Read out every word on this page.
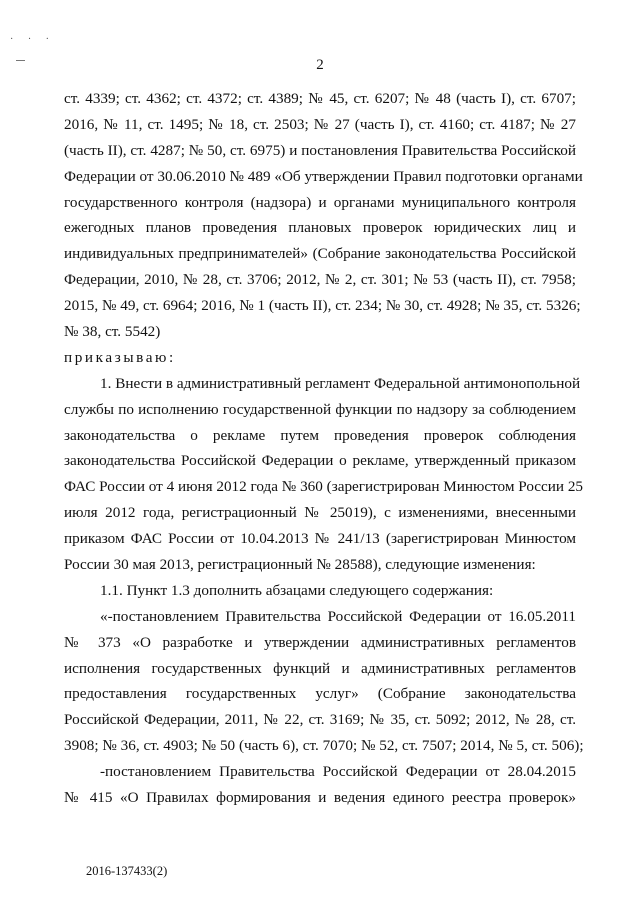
· · ·
2
ст. 4339; ст. 4362; ст. 4372; ст. 4389; № 45, ст. 6207; № 48 (часть I), ст. 6707;
2016, № 11, ст. 1495; № 18, ст. 2503; № 27 (часть I), ст. 4160; ст. 4187; № 27
(часть II), ст. 4287; № 50, ст. 6975) и постановления Правительства Российской
Федерации от 30.06.2010 № 489 «Об утверждении Правил подготовки органами
государственного контроля (надзора) и органами муниципального контроля
ежегодных планов проведения плановых проверок юридических лиц и
индивидуальных предпринимателей» (Собрание законодательства Российской
Федерации, 2010, № 28, ст. 3706; 2012, № 2, ст. 301; № 53 (часть II), ст. 7958;
2015, № 49, ст. 6964; 2016, № 1 (часть II), ст. 234; № 30, ст. 4928; № 35, ст. 5326;
№ 38, ст. 5542)
приказываю:
1. Внести в административный регламент Федеральной антимонопольной
службы по исполнению государственной функции по надзору за соблюдением
законодательства о рекламе путем проведения проверок соблюдения
законодательства Российской Федерации о рекламе, утвержденный приказом
ФАС России от 4 июня 2012 года № 360 (зарегистрирован Минюстом России 25
июля 2012 года, регистрационный № 25019), с изменениями, внесенными
приказом ФАС России от 10.04.2013 № 241/13 (зарегистрирован Минюстом
России 30 мая 2013, регистрационный № 28588), следующие изменения:
1.1. Пункт 1.3 дополнить абзацами следующего содержания:
«-постановлением Правительства Российской Федерации от 16.05.2011
№ 373 «О разработке и утверждении административных регламентов
исполнения государственных функций и административных регламентов
предоставления государственных услуг» (Собрание законодательства
Российской Федерации, 2011, № 22, ст. 3169; № 35, ст. 5092; 2012, № 28, ст.
3908; № 36, ст. 4903; № 50 (часть 6), ст. 7070; № 52, ст. 7507; 2014, № 5, ст. 506);
-постановлением Правительства Российской Федерации от 28.04.2015
№ 415 «О Правилах формирования и ведения единого реестра проверок»
2016-137433(2)
